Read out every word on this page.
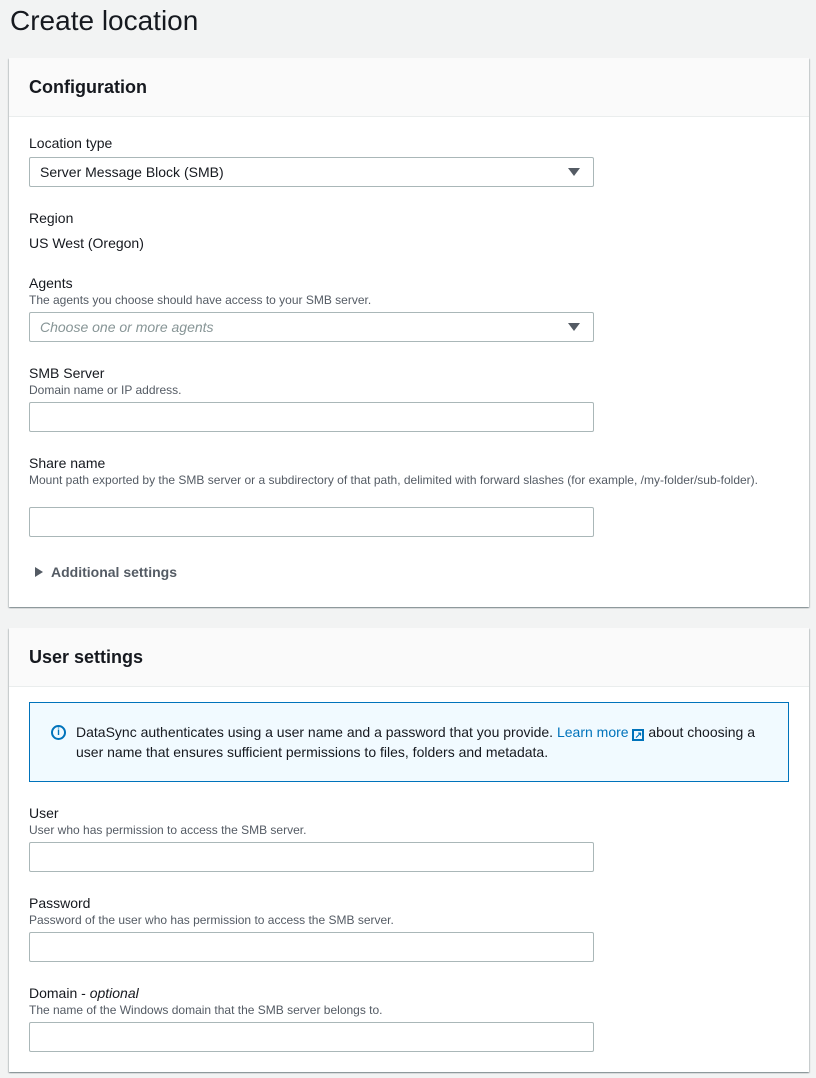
Create location
Configuration
Location type
Server Message Block (SMB)
Region
US West (Oregon)
Agents
The agents you choose should have access to your SMB server.
Choose one or more agents
SMB Server
Domain name or IP address.
Share name
Mount path exported by the SMB server or a subdirectory of that path, delimited with forward slashes (for example, /my-folder/sub-folder).
Additional settings
User settings
i	DataSync authenticates using a user name and a password that you provide. Learn more ↗ about choosing a user name that ensures sufficient permissions to files, folders and metadata.
User
User who has permission to access the SMB server.
Password
Password of the user who has permission to access the SMB server.
Domain - optional
The name of the Windows domain that the SMB server belongs to.
